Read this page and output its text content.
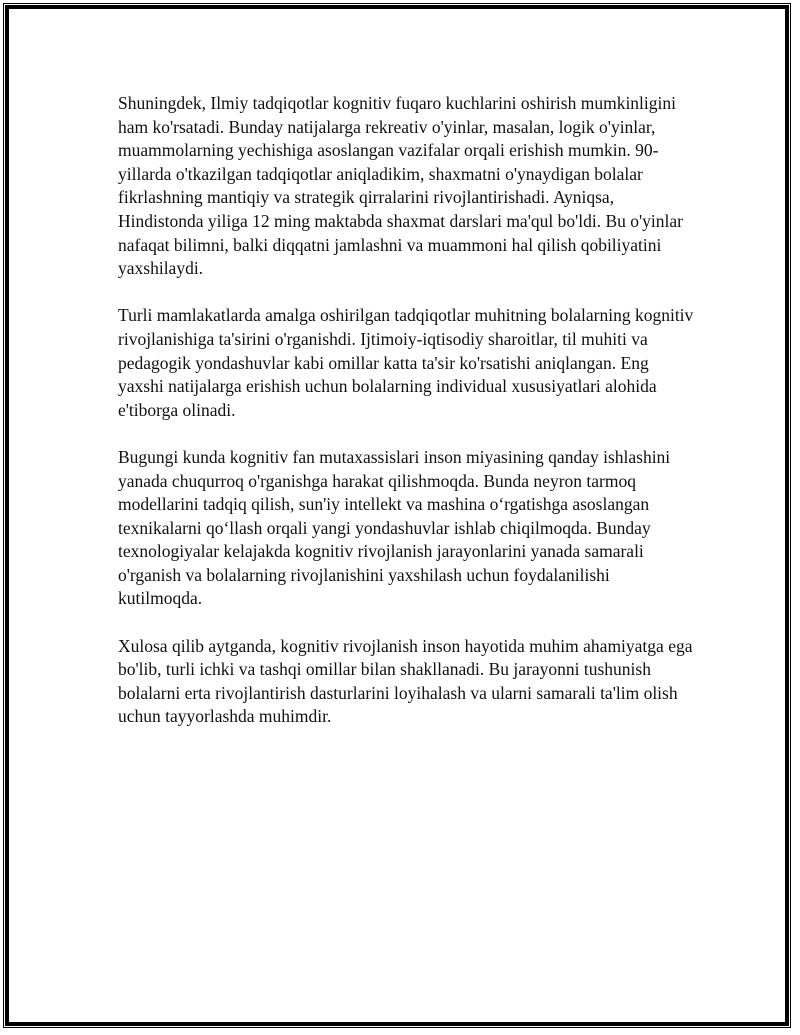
Shuningdek, Ilmiy tadqiqotlar kognitiv fuqaro kuchlarini oshirish mumkinligini ham ko'rsatadi. Bunday natijalarga rekreativ o'yinlar, masalan, logik o'yinlar, muammolarning yechishiga asoslangan vazifalar orqali erishish mumkin. 90-yillarda o'tkazilgan tadqiqotlar aniqladikim, shaxmatni o'ynaydigan bolalar fikrlashning mantiqiy va strategik qirralarini rivojlantirishadi. Ayniqsa, Hindistonda yiliga 12 ming maktabda shaxmat darslari ma'qul bo'ldi. Bu o'yinlar nafaqat bilimni, balki diqqatni jamlashni va muammoni hal qilish qobiliyatini yaxshilaydi.

Turli mamlakatlarda amalga oshirilgan tadqiqotlar muhitning bolalarning kognitiv rivojlanishiga ta'sirini o'rganishdi. Ijtimoiy-iqtisodiy sharoitlar, til muhiti va pedagogik yondashuvlar kabi omillar katta ta'sir ko'rsatishi aniqlangan. Eng yaxshi natijalarga erishish uchun bolalarning individual xususiyatlari alohida e'tiborga olinadi.

Bugungi kunda kognitiv fan mutaxassislari inson miyasining qanday ishlashini yanada chuqurroq o'rganishga harakat qilishmoqda. Bunda neyron tarmoq modellarini tadqiq qilish, sun'iy intellekt va mashina o‘rgatishga asoslangan texnikalarni qo‘llash orqali yangi yondashuvlar ishlab chiqilmoqda. Bunday texnologiyalar kelajakda kognitiv rivojlanish jarayonlarini yanada samarali o'rganish va bolalarning rivojlanishini yaxshilash uchun foydalanilishi kutilmoqda.

Xulosa qilib aytganda, kognitiv rivojlanish inson hayotida muhim ahamiyatga ega bo'lib, turli ichki va tashqi omillar bilan shakllanadi. Bu jarayonni tushunish bolalarni erta rivojlantirish dasturlarini loyihalash va ularni samarali ta'lim olish uchun tayyorlashda muhimdir.
